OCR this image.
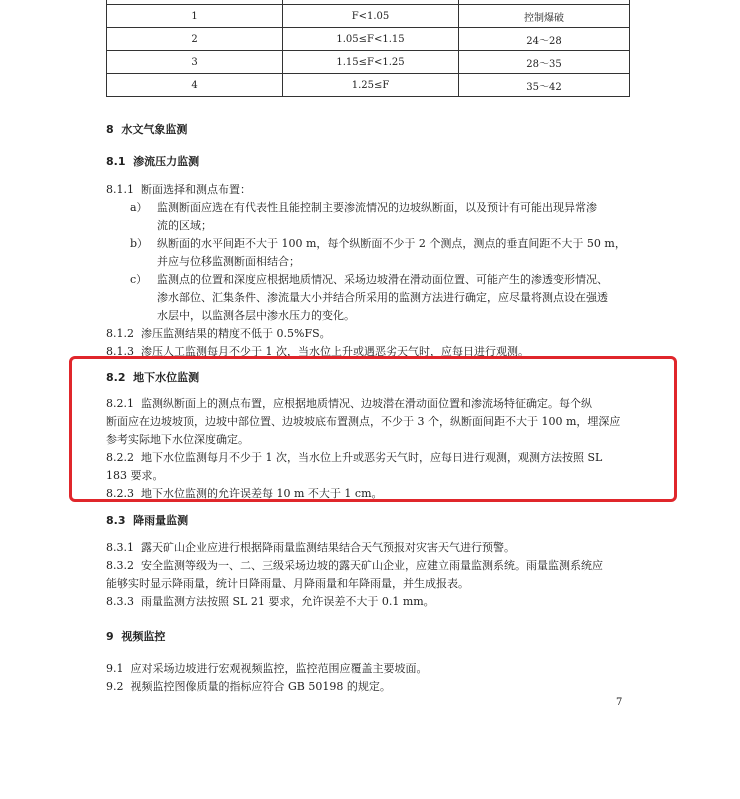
1	F<1.05	控制爆破
2	1.05≤F<1.15	24～28
3	1.15≤F<1.25	28～35
4	1.25≤F	35～42
8 水文气象监测
8.1 渗流压力监测
8.1.1 断面选择和测点布置：
a） 监测断面应选在有代表性且能控制主要渗流情况的边坡纵断面，以及预计有可能出现异常渗
流的区域；
b） 纵断面的水平间距不大于 100 m，每个纵断面不少于 2 个测点，测点的垂直间距不大于 50 m，
并应与位移监测断面相结合；
c） 监测点的位置和深度应根据地质情况、采场边坡滑在滑动面位置、可能产生的渗透变形情况、
渗水部位、汇集条件、渗流量大小并结合所采用的监测方法进行确定，应尽量将测点设在强透
水层中，以监测各层中渗水压力的变化。
8.1.2 渗压监测结果的精度不低于 0.5%FS。
8.1.3 渗压人工监测每月不少于 1 次，当水位上升或遇恶劣天气时，应每日进行观测。
8.2 地下水位监测
8.2.1 监测纵断面上的测点布置，应根据地质情况、边坡潜在滑动面位置和渗流场特征确定。每个纵
断面应在边坡坡顶，边坡中部位置、边坡坡底布置测点，不少于 3 个，纵断面间距不大于 100 m，埋深应
参考实际地下水位深度确定。
8.2.2 地下水位监测每月不少于 1 次，当水位上升或恶劣天气时，应每日进行观测，观测方法按照 SL
183 要求。
8.2.3 地下水位监测的允许误差每 10 m 不大于 1 cm。
8.3 降雨量监测
8.3.1 露天矿山企业应进行根据降雨量监测结果结合天气预报对灾害天气进行预警。
8.3.2 安全监测等级为一、二、三级采场边坡的露天矿山企业，应建立雨量监测系统。雨量监测系统应
能够实时显示降雨量，统计日降雨量、月降雨量和年降雨量，并生成报表。
8.3.3 雨量监测方法按照 SL 21 要求，允许误差不大于 0.1 mm。
9 视频监控
9.1 应对采场边坡进行宏观视频监控，监控范围应覆盖主要坡面。
9.2 视频监控图像质量的指标应符合 GB 50198 的规定。
7
